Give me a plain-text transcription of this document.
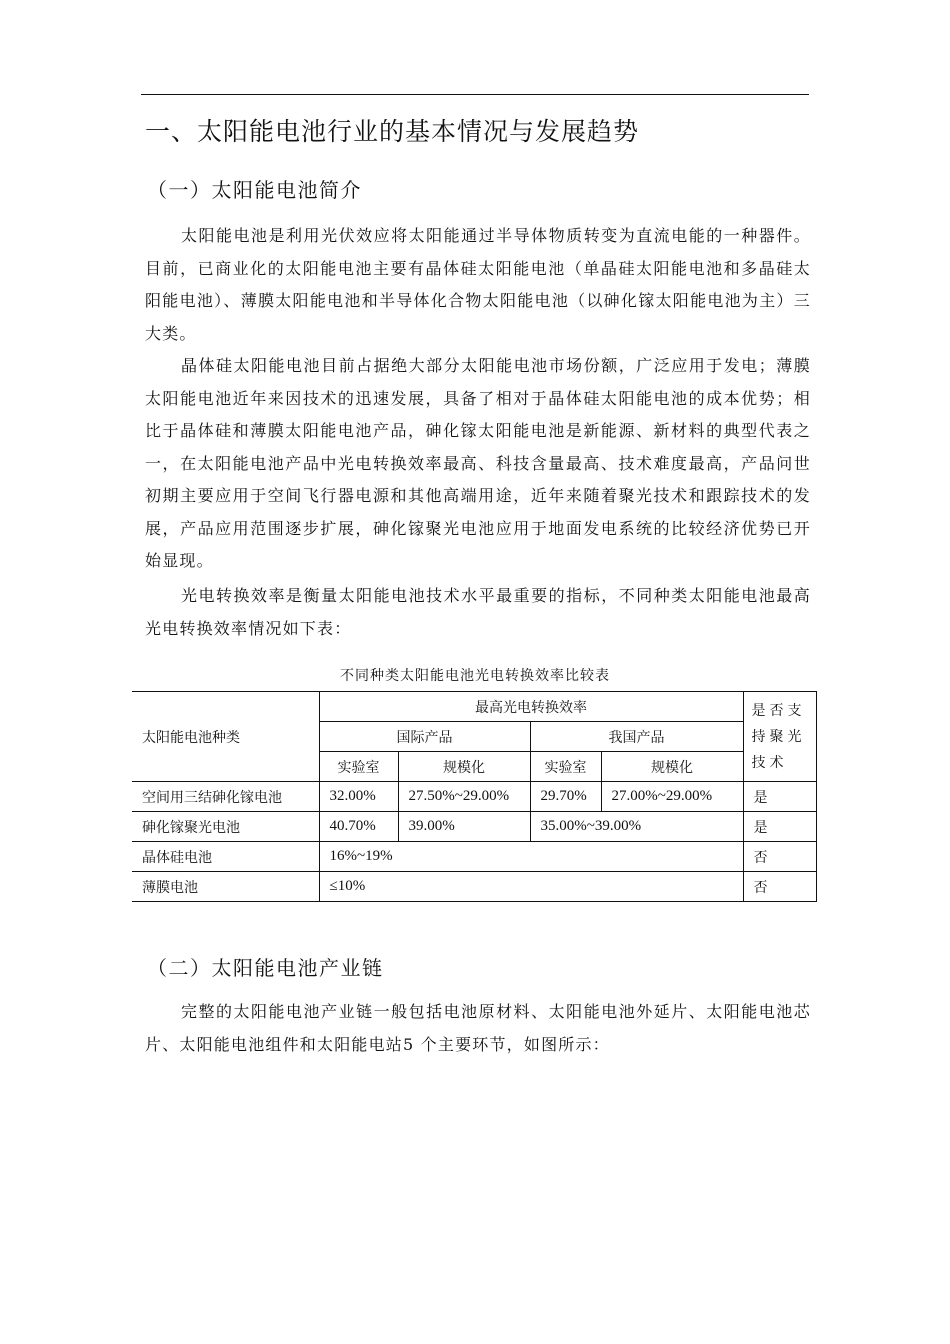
一、太阳能电池行业的基本情况与发展趋势
（一）太阳能电池简介

太阳能电池是利用光伏效应将太阳能通过半导体物质转变为直流电能的一种器件。目前，已商业化的太阳能电池主要有晶体硅太阳能电池（单晶硅太阳能电池和多晶硅太阳能电池）、薄膜太阳能电池和半导体化合物太阳能电池（以砷化镓太阳能电池为主）三大类。

晶体硅太阳能电池目前占据绝大部分太阳能电池市场份额，广泛应用于发电；薄膜太阳能电池近年来因技术的迅速发展，具备了相对于晶体硅太阳能电池的成本优势；相比于晶体硅和薄膜太阳能电池产品，砷化镓太阳能电池是新能源、新材料的典型代表之一，在太阳能电池产品中光电转换效率最高、科技含量最高、技术难度最高，产品问世初期主要应用于空间飞行器电源和其他高端用途，近年来随着聚光技术和跟踪技术的发展，产品应用范围逐步扩展，砷化镓聚光电池应用于地面发电系统的比较经济优势已开始显现。

光电转换效率是衡量太阳能电池技术水平最重要的指标，不同种类太阳能电池最高光电转换效率情况如下表：

不同种类太阳能电池光电转换效率比较表
太阳能电池种类	最高光电转换效率				是否支持聚光技术
	国际产品		我国产品		
	实验室	规模化	实验室	规模化	
空间用三结砷化镓电池	32.00%	27.50%~29.00%	29.70%	27.00%~29.00%	是
砷化镓聚光电池	40.70%	39.00%	35.00%~39.00%		是
晶体硅电池	16%~19%				否
薄膜电池	≤10%				否
（二）太阳能电池产业链

完整的太阳能电池产业链一般包括电池原材料、太阳能电池外延片、太阳能电池芯片、太阳能电池组件和太阳能电站5 个主要环节，如图所示：
